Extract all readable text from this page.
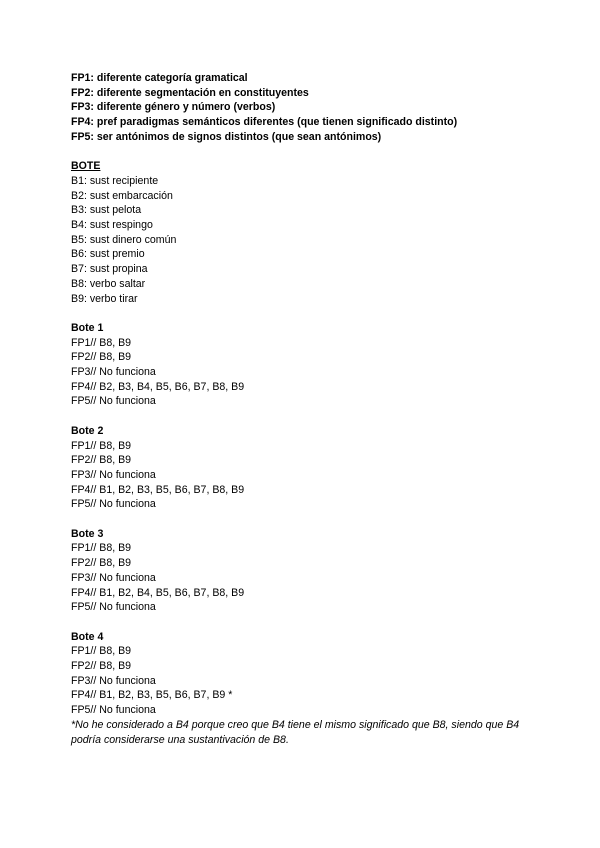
FP1: diferente categoría gramatical
FP2: diferente segmentación en constituyentes
FP3: diferente género y número (verbos)
FP4: pref paradigmas semánticos diferentes (que tienen significado distinto)
FP5: ser antónimos de signos distintos (que sean antónimos)
BOTE
B1: sust recipiente
B2: sust embarcación
B3: sust pelota
B4: sust respingo
B5: sust dinero común
B6: sust premio
B7: sust propina
B8: verbo saltar
B9: verbo tirar
Bote 1
FP1// B8, B9
FP2// B8, B9
FP3// No funciona
FP4// B2, B3, B4, B5, B6, B7, B8, B9
FP5// No funciona
Bote 2
FP1// B8, B9
FP2// B8, B9
FP3// No funciona
FP4// B1, B2, B3, B5, B6, B7, B8, B9
FP5// No funciona
Bote 3
FP1// B8, B9
FP2// B8, B9
FP3// No funciona
FP4// B1, B2, B4, B5, B6, B7, B8, B9
FP5// No funciona
Bote 4
FP1// B8, B9
FP2// B8, B9
FP3// No funciona
FP4// B1, B2, B3, B5, B6, B7, B9 *
FP5// No funciona
*No he considerado a B4 porque creo que B4 tiene el mismo significado que B8, siendo que B4 podría considerarse una sustantivación de B8.
